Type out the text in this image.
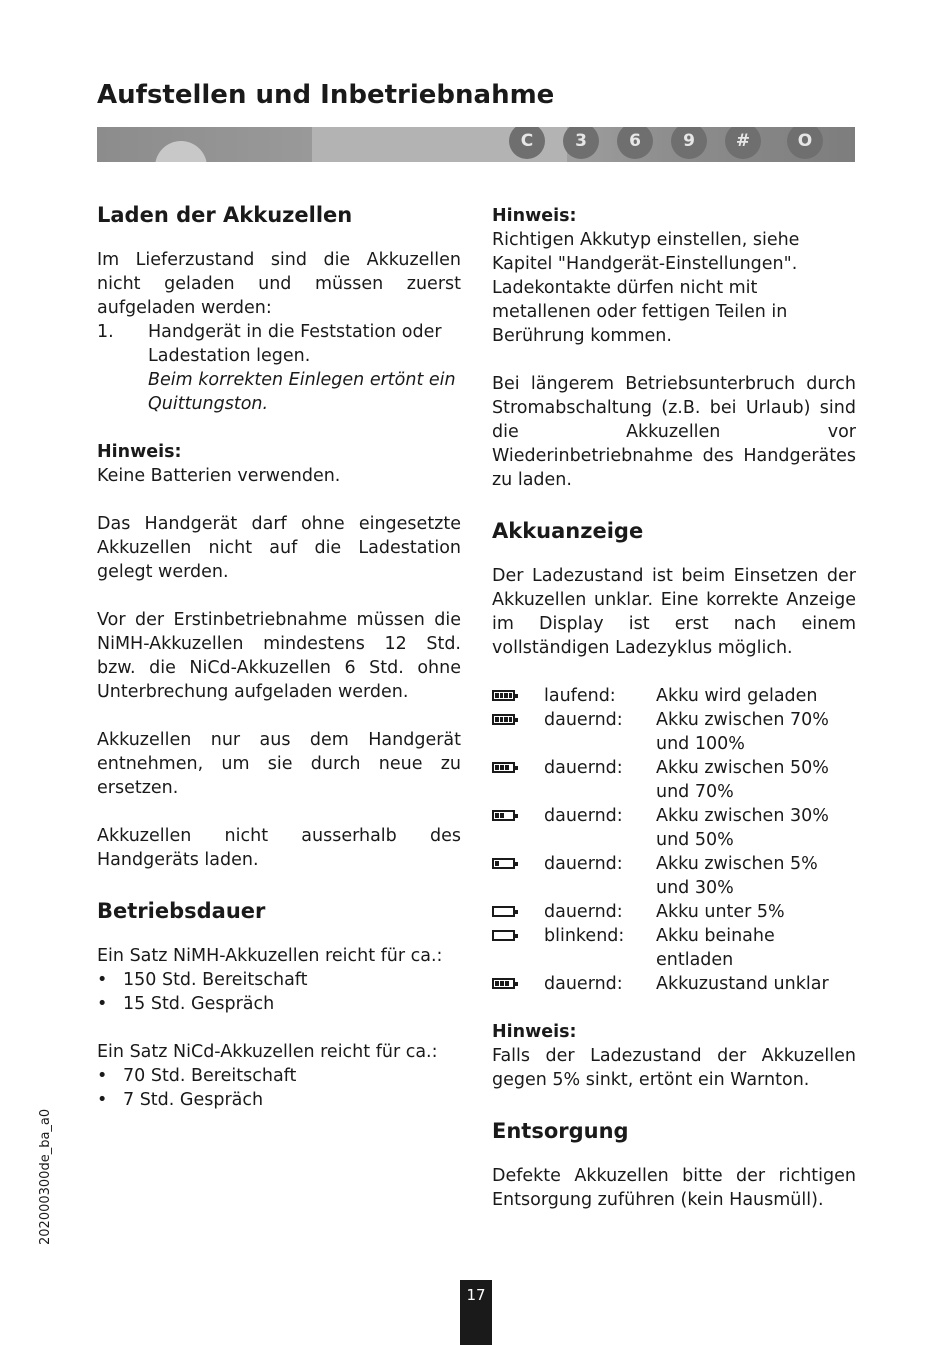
Aufstellen und Inbetriebnahme
C	3	6	9	#	O
Laden der Akkuzellen

Im Lieferzustand sind die Akkuzellen nicht geladen und müssen zuerst aufgeladen werden:

1.	Handgerät in die Feststation oder Ladestation legen.
Beim korrekten Einlegen ertönt ein Quittungston.

Hinweis:

Keine Batterien verwenden.

Das Handgerät darf ohne eingesetzte Akkuzellen nicht auf die Ladestation gelegt werden.

Vor der Erstinbetriebnahme müssen die NiMH-Akkuzellen mindestens 12 Std. bzw. die NiCd-Akkuzellen 6 Std. ohne Unterbrechung aufgeladen werden.

Akkuzellen nur aus dem Handgerät entnehmen, um sie durch neue zu ersetzen.

Akkuzellen nicht ausserhalb des Handgeräts laden.

Betriebsdauer

Ein Satz NiMH-Akkuzellen reicht für ca.:

• 150 Std. Bereitschaft
• 15 Std. Gespräch

Ein Satz NiCd-Akkuzellen reicht für ca.:

• 70 Std. Bereitschaft
• 7 Std. Gespräch

Hinweis:

Richtigen Akkutyp einstellen, siehe Kapitel "Handgerät-Einstellungen". Ladekontakte dürfen nicht mit metallenen oder fettigen Teilen in Berührung kommen.

Bei längerem Betriebsunterbruch durch Stromabschaltung (z.B. bei Urlaub) sind die Akkuzellen vor Wiederinbetriebnahme des Handgerätes zu laden.

Akkuanzeige

Der Ladezustand ist beim Einsetzen der Akkuzellen unklar. Eine korrekte Anzeige im Display ist erst nach einem vollständigen Ladezyklus möglich.

	laufend:	Akku wird geladen

	dauernd:	Akku zwischen 70% und 100%

	dauernd:	Akku zwischen 50% und 70%

	dauernd:	Akku zwischen 30% und 50%

	dauernd:	Akku zwischen 5% und 30%

	dauernd:	Akku unter 5%

	blinkend:	Akku beinahe entladen

	dauernd:	Akkuzustand unklar

Hinweis:

Falls der Ladezustand der Akkuzellen gegen 5% sinkt, ertönt ein Warnton.

Entsorgung

Defekte Akkuzellen bitte der richtigen Entsorgung zuführen (kein Hausmüll).

202000300de_ba_a0
17
